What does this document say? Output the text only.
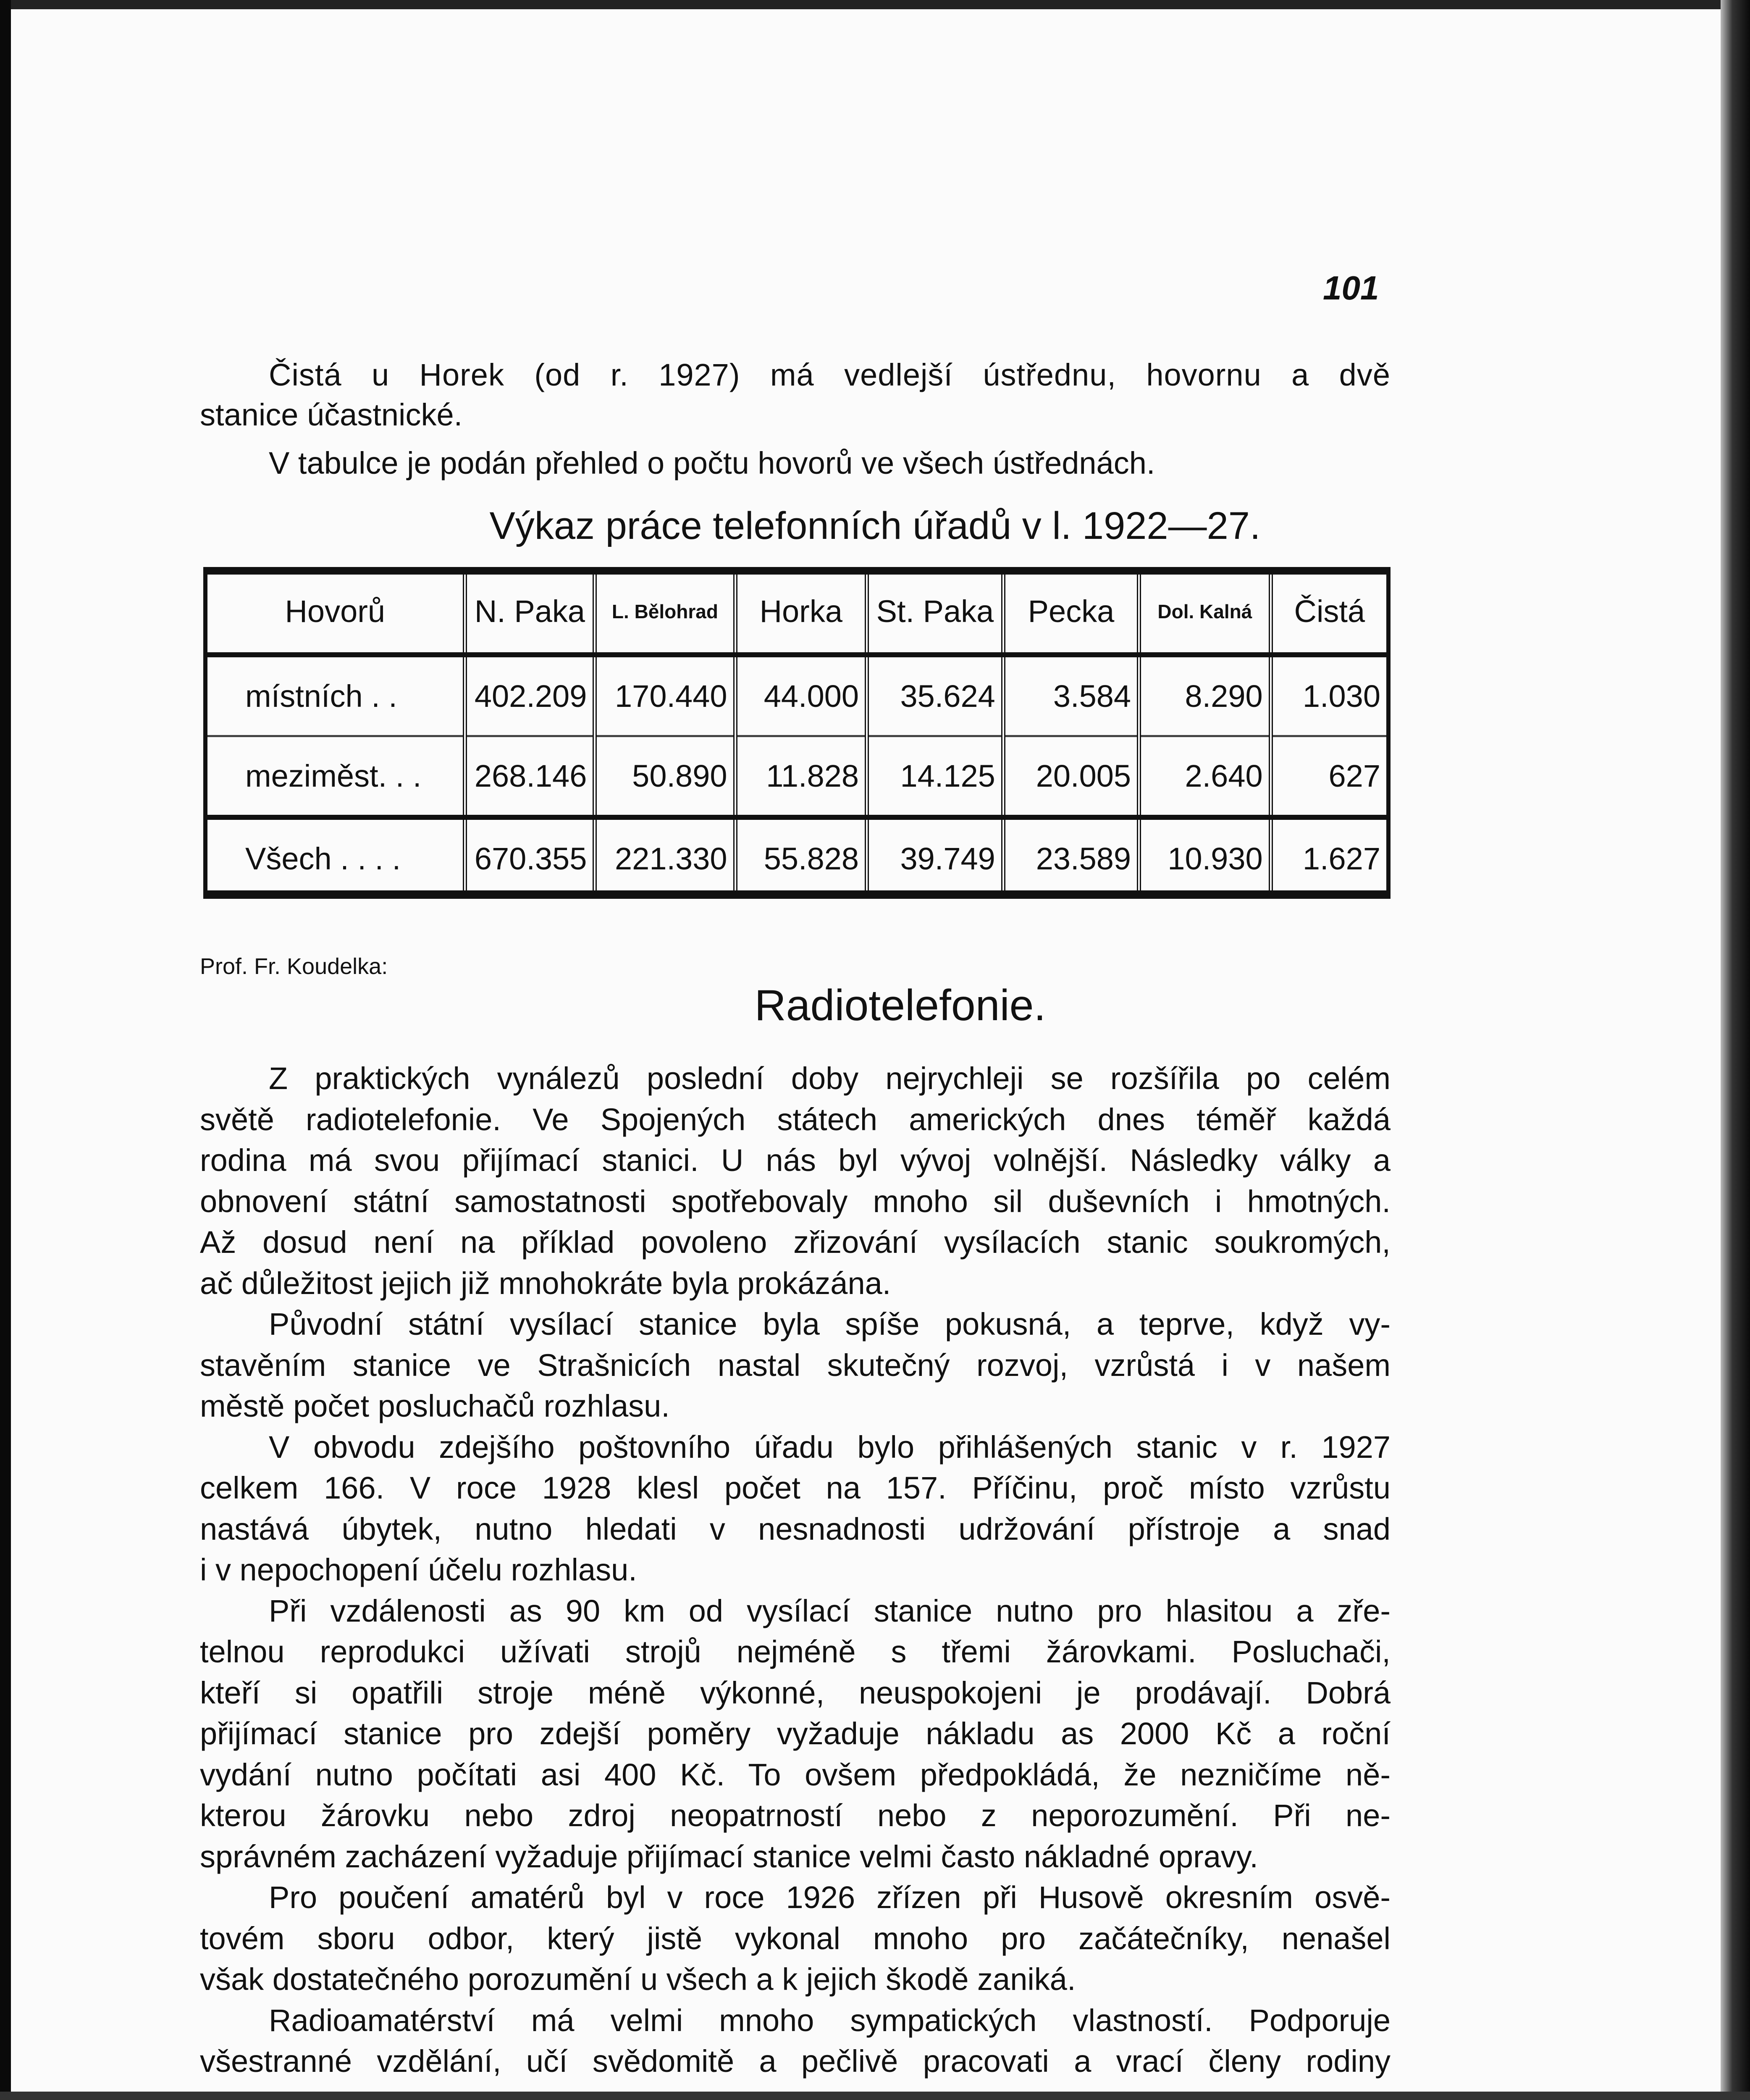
101
Čistá u Horek (od r. 1927) má vedlejší ústřednu, hovornu a dvě
stanice účastnické.
V tabulce je podán přehled o počtu hovorů ve všech ústřednách.
Výkaz práce telefonních úřadů v l. 1922—27.
Hovorů	N. Paka	L. Bělohrad	Horka	St. Paka	Pecka	Dol. Kalná	Čistá
místních . .	402.209	170.440	44.000	35.624	3.584	8.290	1.030
meziměst. . .	268.146	50.890	11.828	14.125	20.005	2.640	627
Všech . . . .	670.355	221.330	55.828	39.749	23.589	10.930	1.627
Prof. Fr. Koudelka:
Radiotelefonie.
Z praktických vynálezů poslední doby nejrychleji se rozšířila po celém
světě radiotelefonie. Ve Spojených státech amerických dnes téměř každá
rodina má svou přijímací stanici. U nás byl vývoj volnější. Následky války a
obnovení státní samostatnosti spotřebovaly mnoho sil duševních i hmotných.
Až dosud není na příklad povoleno zřizování vysílacích stanic soukromých,
ač důležitost jejich již mnohokráte byla prokázána.
Původní státní vysílací stanice byla spíše pokusná, a teprve, když vy-
stavěním stanice ve Strašnicích nastal skutečný rozvoj, vzrůstá i v našem
městě počet posluchačů rozhlasu.
V obvodu zdejšího poštovního úřadu bylo přihlášených stanic v r. 1927
celkem 166. V roce 1928 klesl počet na 157. Příčinu, proč místo vzrůstu
nastává úbytek, nutno hledati v nesnadnosti udržování přístroje a snad
i v nepochopení účelu rozhlasu.
Při vzdálenosti as 90 km od vysílací stanice nutno pro hlasitou a zře-
telnou reprodukci užívati strojů nejméně s třemi žárovkami. Posluchači,
kteří si opatřili stroje méně výkonné, neuspokojeni je prodávají. Dobrá
přijímací stanice pro zdejší poměry vyžaduje nákladu as 2000 Kč a roční
vydání nutno počítati asi 400 Kč. To ovšem předpokládá, že nezničíme ně-
kterou žárovku nebo zdroj neopatrností nebo z neporozumění. Při ne-
správném zacházení vyžaduje přijímací stanice velmi často nákladné opravy.
Pro poučení amatérů byl v roce 1926 zřízen při Husově okresním osvě-
tovém sboru odbor, který jistě vykonal mnoho pro začátečníky, nenašel
však dostatečného porozumění u všech a k jejich škodě zaniká.
Radioamatérství má velmi mnoho sympatických vlastností. Podporuje
všestranné vzdělání, učí svědomitě a pečlivě pracovati a vrací členy rodiny
